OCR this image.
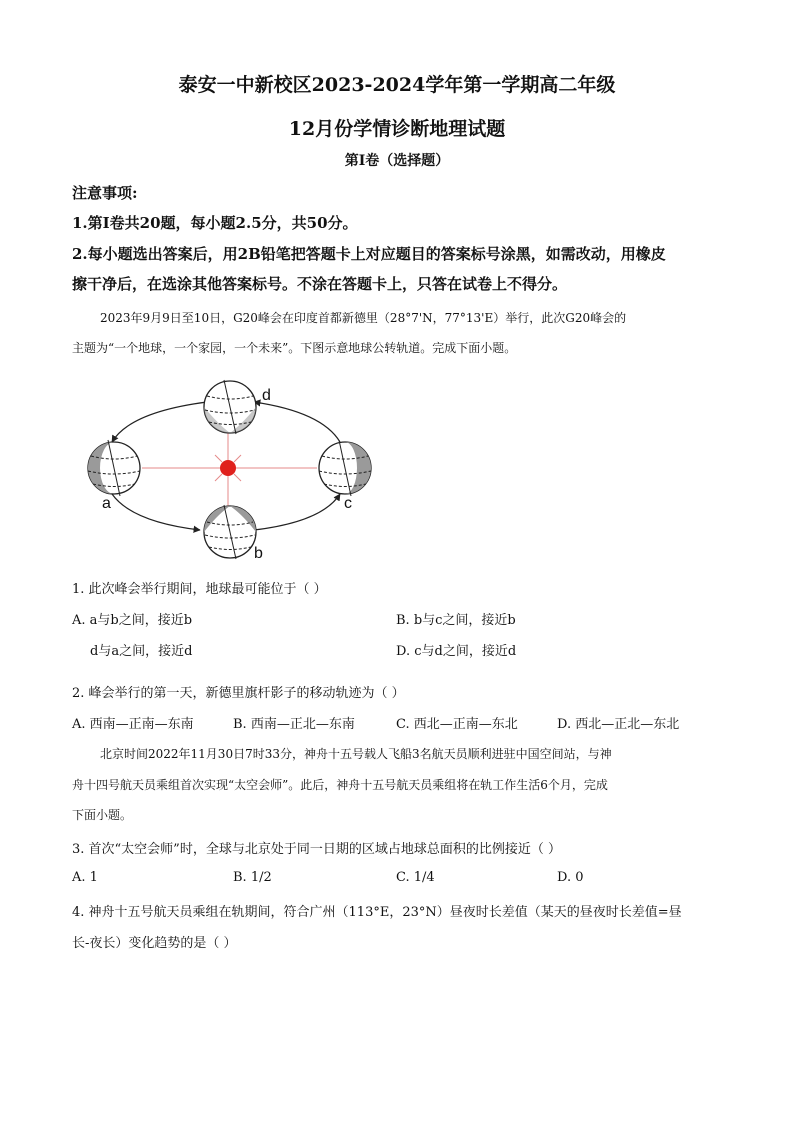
泰安一中新校区2023-2024学年第一学期高二年级
12月份学情诊断地理试题
第Ⅰ卷（选择题）
注意事项:
1.第Ⅰ卷共20题，每小题2.5分，共50分。
2.每小题选出答案后，用2B铅笔把答题卡上对应题目的答案标号涂黑，如需改动，用橡皮
擦干净后，在选涂其他答案标号。不涂在答题卡上，只答在试卷上不得分。
2023年9月9日至10日，G20峰会在印度首都新德里（28°7'N，77°13'E）举行，此次G20峰会的
主题为“一个地球，一个家园，一个未来”。下图示意地球公转轨道。完成下面小题。
d
a	c
b
1. 此次峰会举行期间，地球最可能位于（ ）
A. a与b之间，接近b	B. b与c之间，接近b
d与a之间，接近d	D. c与d之间，接近d
2. 峰会举行的第一天，新德里旗杆影子的移动轨迹为（ ）
A. 西南—正南—东南	B. 西南—正北—东南	C. 西北—正南—东北	D. 西北—正北—东北
北京时间2022年11月30日7时33分，神舟十五号载人飞船3名航天员顺利进驻中国空间站，与神
舟十四号航天员乘组首次实现“太空会师”。此后，神舟十五号航天员乘组将在轨工作生活6个月，完成
下面小题。
3. 首次“太空会师”时，全球与北京处于同一日期的区域占地球总面积的比例接近（ ）
A. 1	B. 1/2	C. 1/4	D. 0
4. 神舟十五号航天员乘组在轨期间，符合广州（113°E，23°N）昼夜时长差值（某天的昼夜时长差值=昼
长-夜长）变化趋势的是（ ）
